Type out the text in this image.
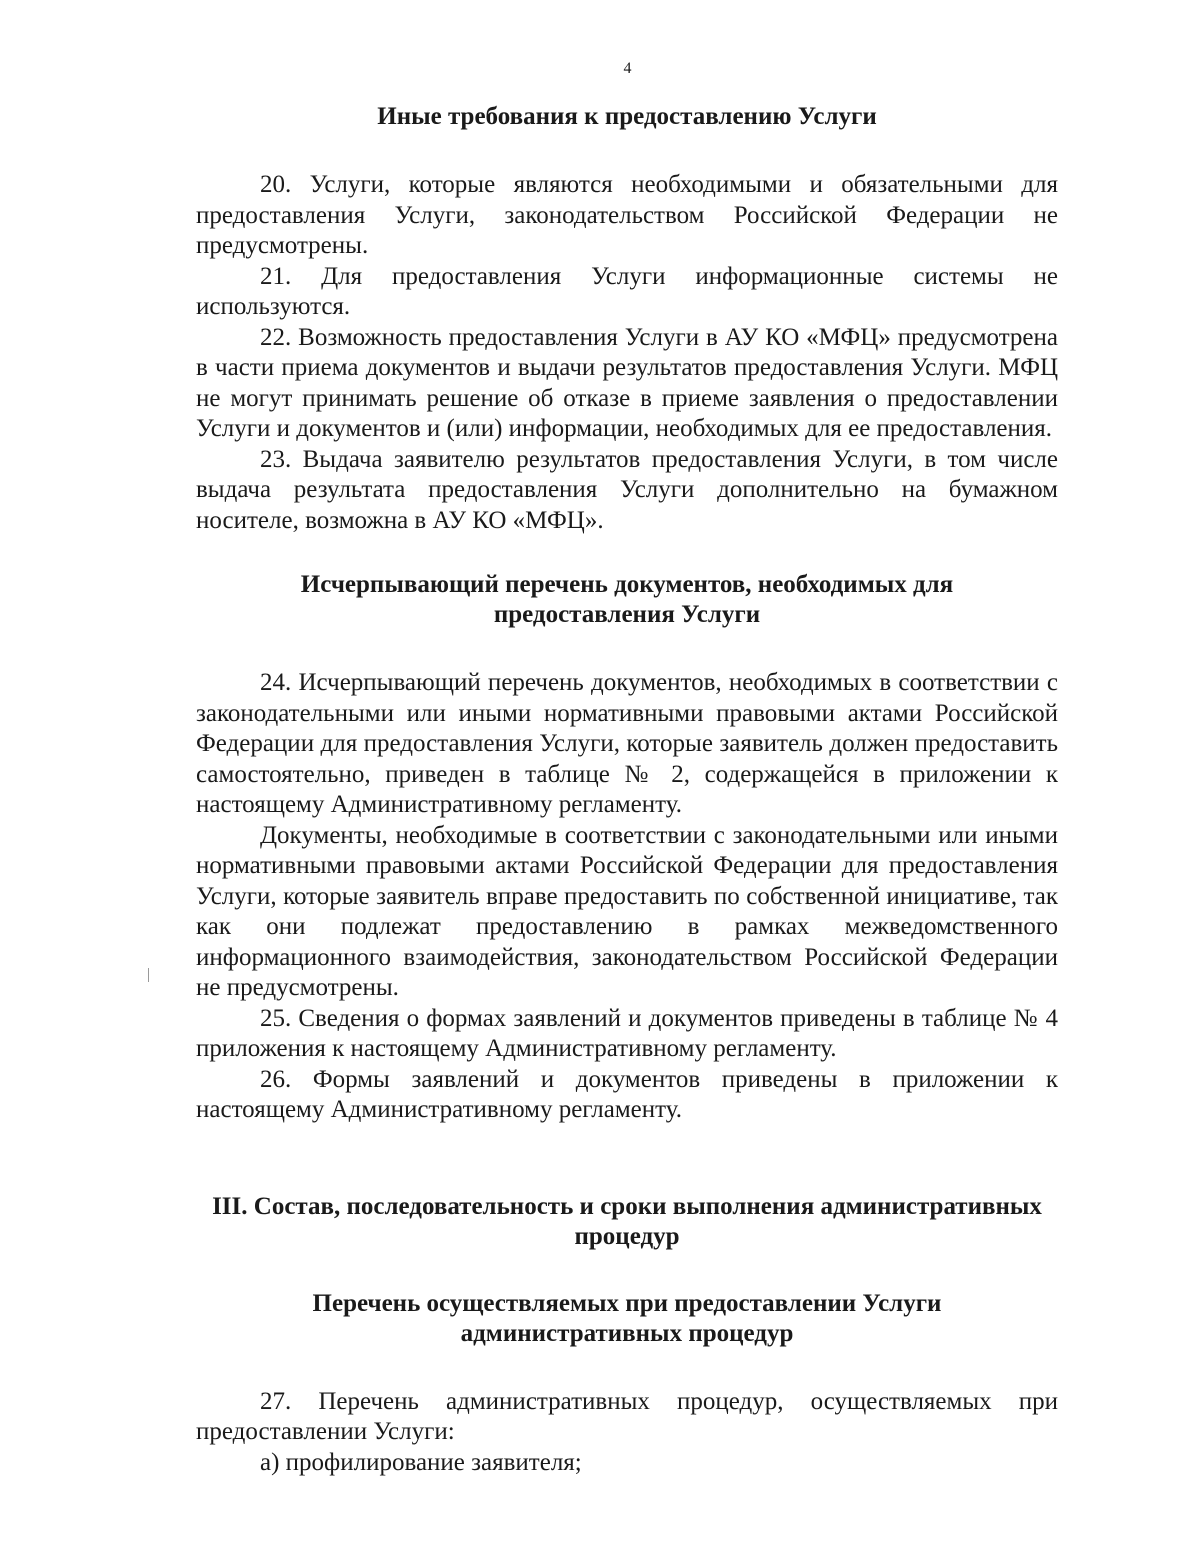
4
Иные требования к предоставлению Услуги

20. Услуги, которые являются необходимыми и обязательными для предоставления Услуги, законодательством Российской Федерации не предусмотрены.

21. Для предоставления Услуги информационные системы не используются.

22. Возможность предоставления Услуги в АУ КО «МФЦ» предусмотрена в части приема документов и выдачи результатов предоставления Услуги. МФЦ не могут принимать решение об отказе в приеме заявления о предоставлении Услуги и документов и (или) информации, необходимых для ее предоставления.

23. Выдача заявителю результатов предоставления Услуги, в том числе выдача результата предоставления Услуги дополнительно на бумажном носителе, возможна в АУ КО «МФЦ».

Исчерпывающий перечень документов, необходимых для
предоставления Услуги

24. Исчерпывающий перечень документов, необходимых в соответствии с законодательными или иными нормативными правовыми актами Российской Федерации для предоставления Услуги, которые заявитель должен предоставить самостоятельно, приведен в таблице № 2, содержащейся в приложении к настоящему Административному регламенту.

Документы, необходимые в соответствии с законодательными или иными нормативными правовыми актами Российской Федерации для предоставления Услуги, которые заявитель вправе предоставить по собственной инициативе, так как они подлежат предоставлению в рамках межведомственного информационного взаимодействия, законодательством Российской Федерации не предусмотрены.

25. Сведения о формах заявлений и документов приведены в таблице № 4 приложения к настоящему Административному регламенту.

26. Формы заявлений и документов приведены в приложении к настоящему Административному регламенту.

III. Состав, последовательность и сроки выполнения административных
процедур
Перечень осуществляемых при предоставлении Услуги
административных процедур

27. Перечень административных процедур, осуществляемых при предоставлении Услуги:

а) профилирование заявителя;
